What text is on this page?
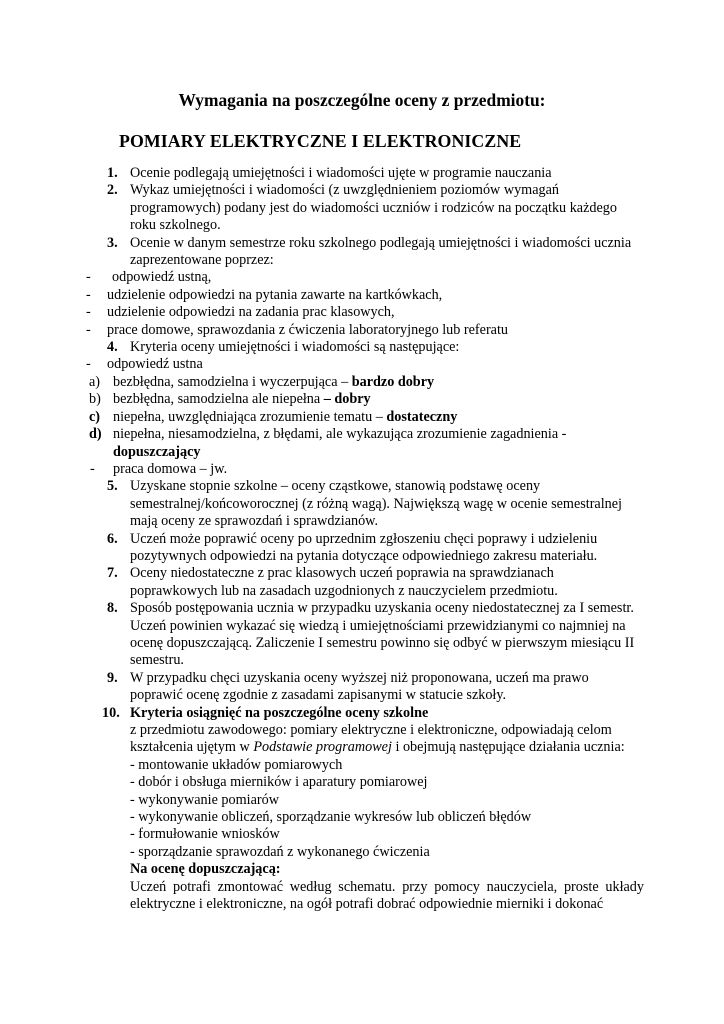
Wymagania na poszczególne oceny z przedmiotu:
POMIARY ELEKTRYCZNE I ELEKTRONICZNE
1. Ocenie podlegają umiejętności i wiadomości ujęte w programie nauczania
2. Wykaz umiejętności i wiadomości (z uwzględnieniem poziomów wymagań programowych) podany jest do wiadomości uczniów i rodziców na początku każdego roku szkolnego.
3. Ocenie w danym semestrze roku szkolnego podlegają umiejętności i wiadomości ucznia zaprezentowane poprzez:
- odpowiedź ustną,
- udzielenie odpowiedzi na pytania zawarte na kartkówkach,
- udzielenie odpowiedzi na zadania prac klasowych,
- prace domowe, sprawozdania z ćwiczenia laboratoryjnego lub referatu
4. Kryteria oceny umiejętności i wiadomości są następujące:
- odpowiedź ustna
a) bezbłędna, samodzielna i wyczerpująca – bardzo dobry
b) bezbłędna, samodzielna ale niepełna – dobry
c) niepełna, uwzględniająca zrozumienie tematu – dostateczny
d) niepełna, niesamodzielna, z błędami, ale wykazująca zrozumienie zagadnienia - dopuszczający
- praca domowa – jw.
5. Uzyskane stopnie szkolne – oceny cząstkowe, stanowią podstawę oceny semestralnej/końcoworocznej (z różną wagą). Największą wagę w ocenie semestralnej mają oceny ze sprawozdań i sprawdzianów.
6. Uczeń może poprawić oceny po uprzednim zgłoszeniu chęci poprawy i udzieleniu pozytywnych odpowiedzi na pytania dotyczące odpowiedniego zakresu materiału.
7. Oceny niedostateczne z prac klasowych uczeń poprawia na sprawdzianach poprawkowych lub na zasadach uzgodnionych z nauczycielem przedmiotu.
8. Sposób postępowania ucznia w przypadku uzyskania oceny niedostatecznej za I semestr. Uczeń powinien wykazać się wiedzą i umiejętnościami przewidzianymi co najmniej na ocenę dopuszczającą. Zaliczenie I semestru powinno się odbyć w pierwszym miesiącu II semestru.
9. W przypadku chęci uzyskania oceny wyższej niż proponowana, uczeń ma prawo poprawić ocenę zgodnie z zasadami zapisanymi w statucie szkoły.
10. Kryteria osiągnięć na poszczególne oceny szkolne
z przedmiotu zawodowego: pomiary elektryczne i elektroniczne, odpowiadają celom kształcenia ujętym w Podstawie programowej i obejmują następujące działania ucznia:
- montowanie układów pomiarowych
- dobór i obsługa mierników i aparatury pomiarowej
- wykonywanie pomiarów
- wykonywanie obliczeń, sporządzanie wykresów lub obliczeń błędów
- formułowanie wniosków
- sporządzanie sprawozdań z wykonanego ćwiczenia
Na ocenę dopuszczającą:
Uczeń potrafi zmontować według schematu. przy pomocy nauczyciela, proste układy elektryczne i elektroniczne, na ogół potrafi dobrać odpowiednie mierniki i dokonać
